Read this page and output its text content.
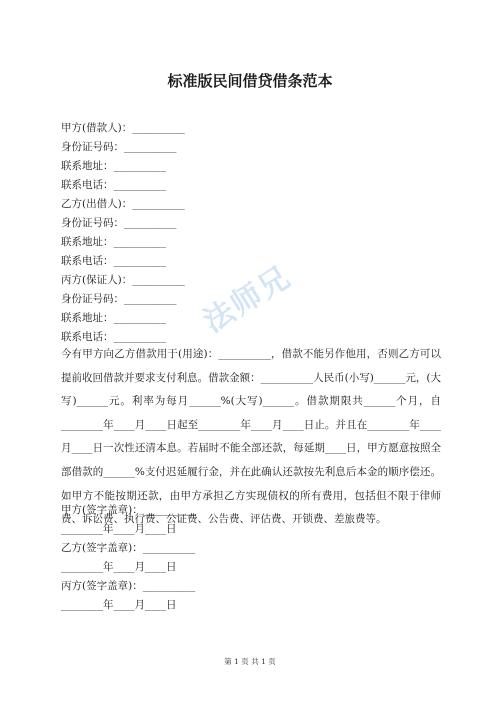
标准版民间借贷借条范本
甲方(借款人)：__________
身份证号码：__________
联系地址：__________
联系电话：__________
乙方(出借人)：__________
身份证号码：__________
联系地址：__________
联系电话：__________
丙方(保证人)：__________
身份证号码：__________
联系地址：__________
联系电话：__________
今有甲方向乙方借款用于(用途)：__________，借款不能另作他用，否则乙方可以提前收回借款并要求支付利息。借款金额：__________人民币(小写)______元，(大写)______元。利率为每月______%(大写)______。借款期限共______个月，自________年____月____日起至________年____月____日止。并且在________年____月____日一次性还清本息。若届时不能全部还款，每延期____日，甲方愿意按照全部借款的______%支付迟延履行金，并在此确认还款按先利息后本金的顺序偿还。如甲方不能按期还款，由甲方承担乙方实现债权的所有费用，包括但不限于律师费、诉讼费、执行费、公证费、公告费、评估费、开锁费、差旅费等。
甲方(签字盖章)：__________
________年____月____日
乙方(签字盖章)：__________
________年____月____日
丙方(签字盖章)：__________
________年____月____日
第 1 页 共 1 页
法师兄
